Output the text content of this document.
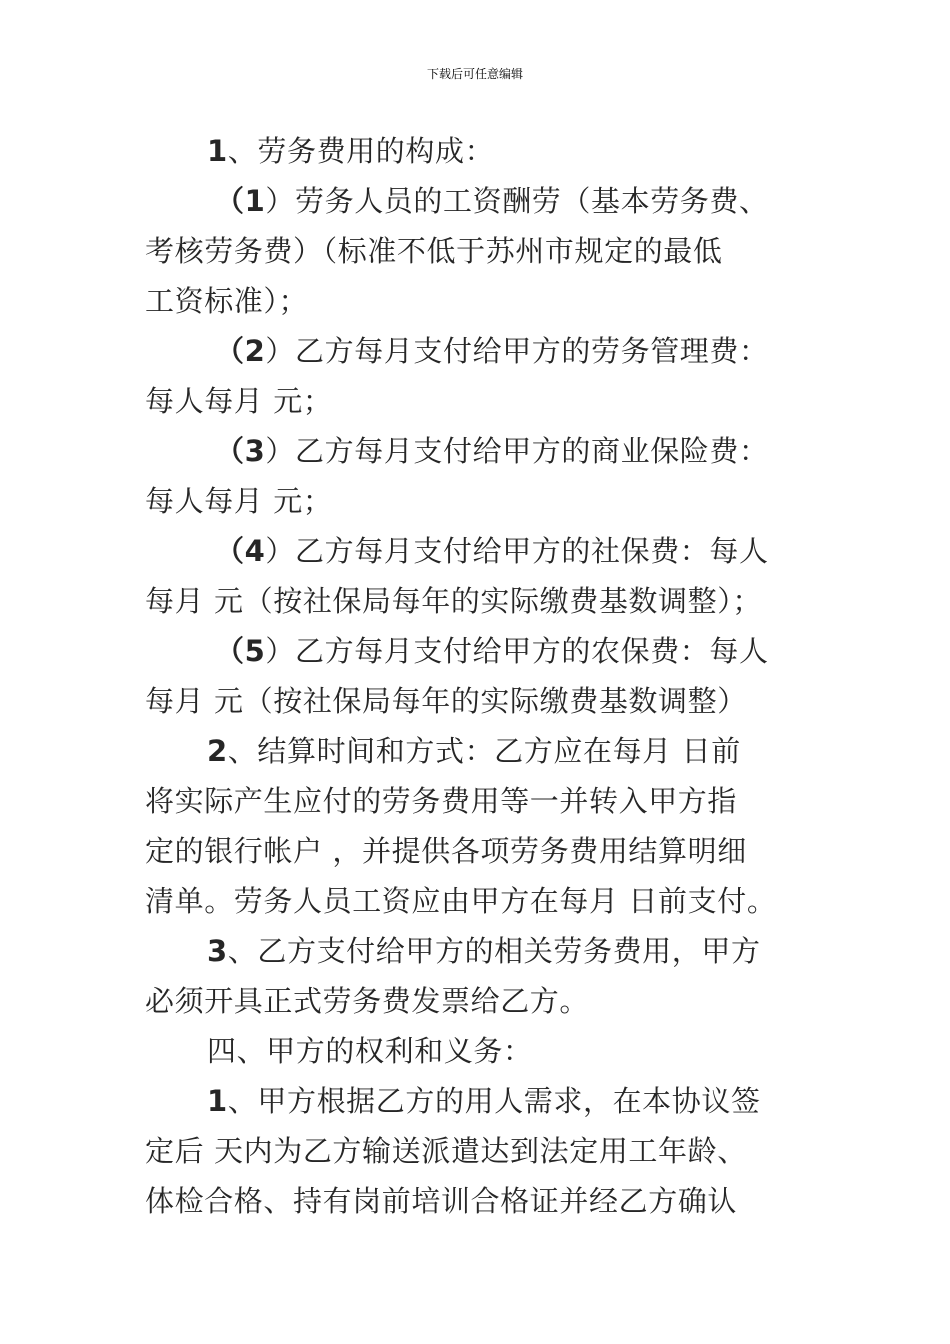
下载后可任意编辑
1、劳务费用的构成：
（1）劳务人员的工资酬劳（基本劳务费、
考核劳务费）（标准不低于苏州市规定的最低
工资标准）；
（2）乙方每月支付给甲方的劳务管理费：
每人每月 元；
（3）乙方每月支付给甲方的商业保险费：
每人每月 元；
（4）乙方每月支付给甲方的社保费：每人
每月 元（按社保局每年的实际缴费基数调整）；
（5）乙方每月支付给甲方的农保费：每人
每月 元（按社保局每年的实际缴费基数调整）
2、结算时间和方式：乙方应在每月 日前
将实际产生应付的劳务费用等一并转入甲方指
定的银行帐户 ，并提供各项劳务费用结算明细
清单。劳务人员工资应由甲方在每月 日前支付。
3、乙方支付给甲方的相关劳务费用，甲方
必须开具正式劳务费发票给乙方。
四、甲方的权利和义务：
1、甲方根据乙方的用人需求，在本协议签
定后 天内为乙方输送派遣达到法定用工年龄、
体检合格、持有岗前培训合格证并经乙方确认
